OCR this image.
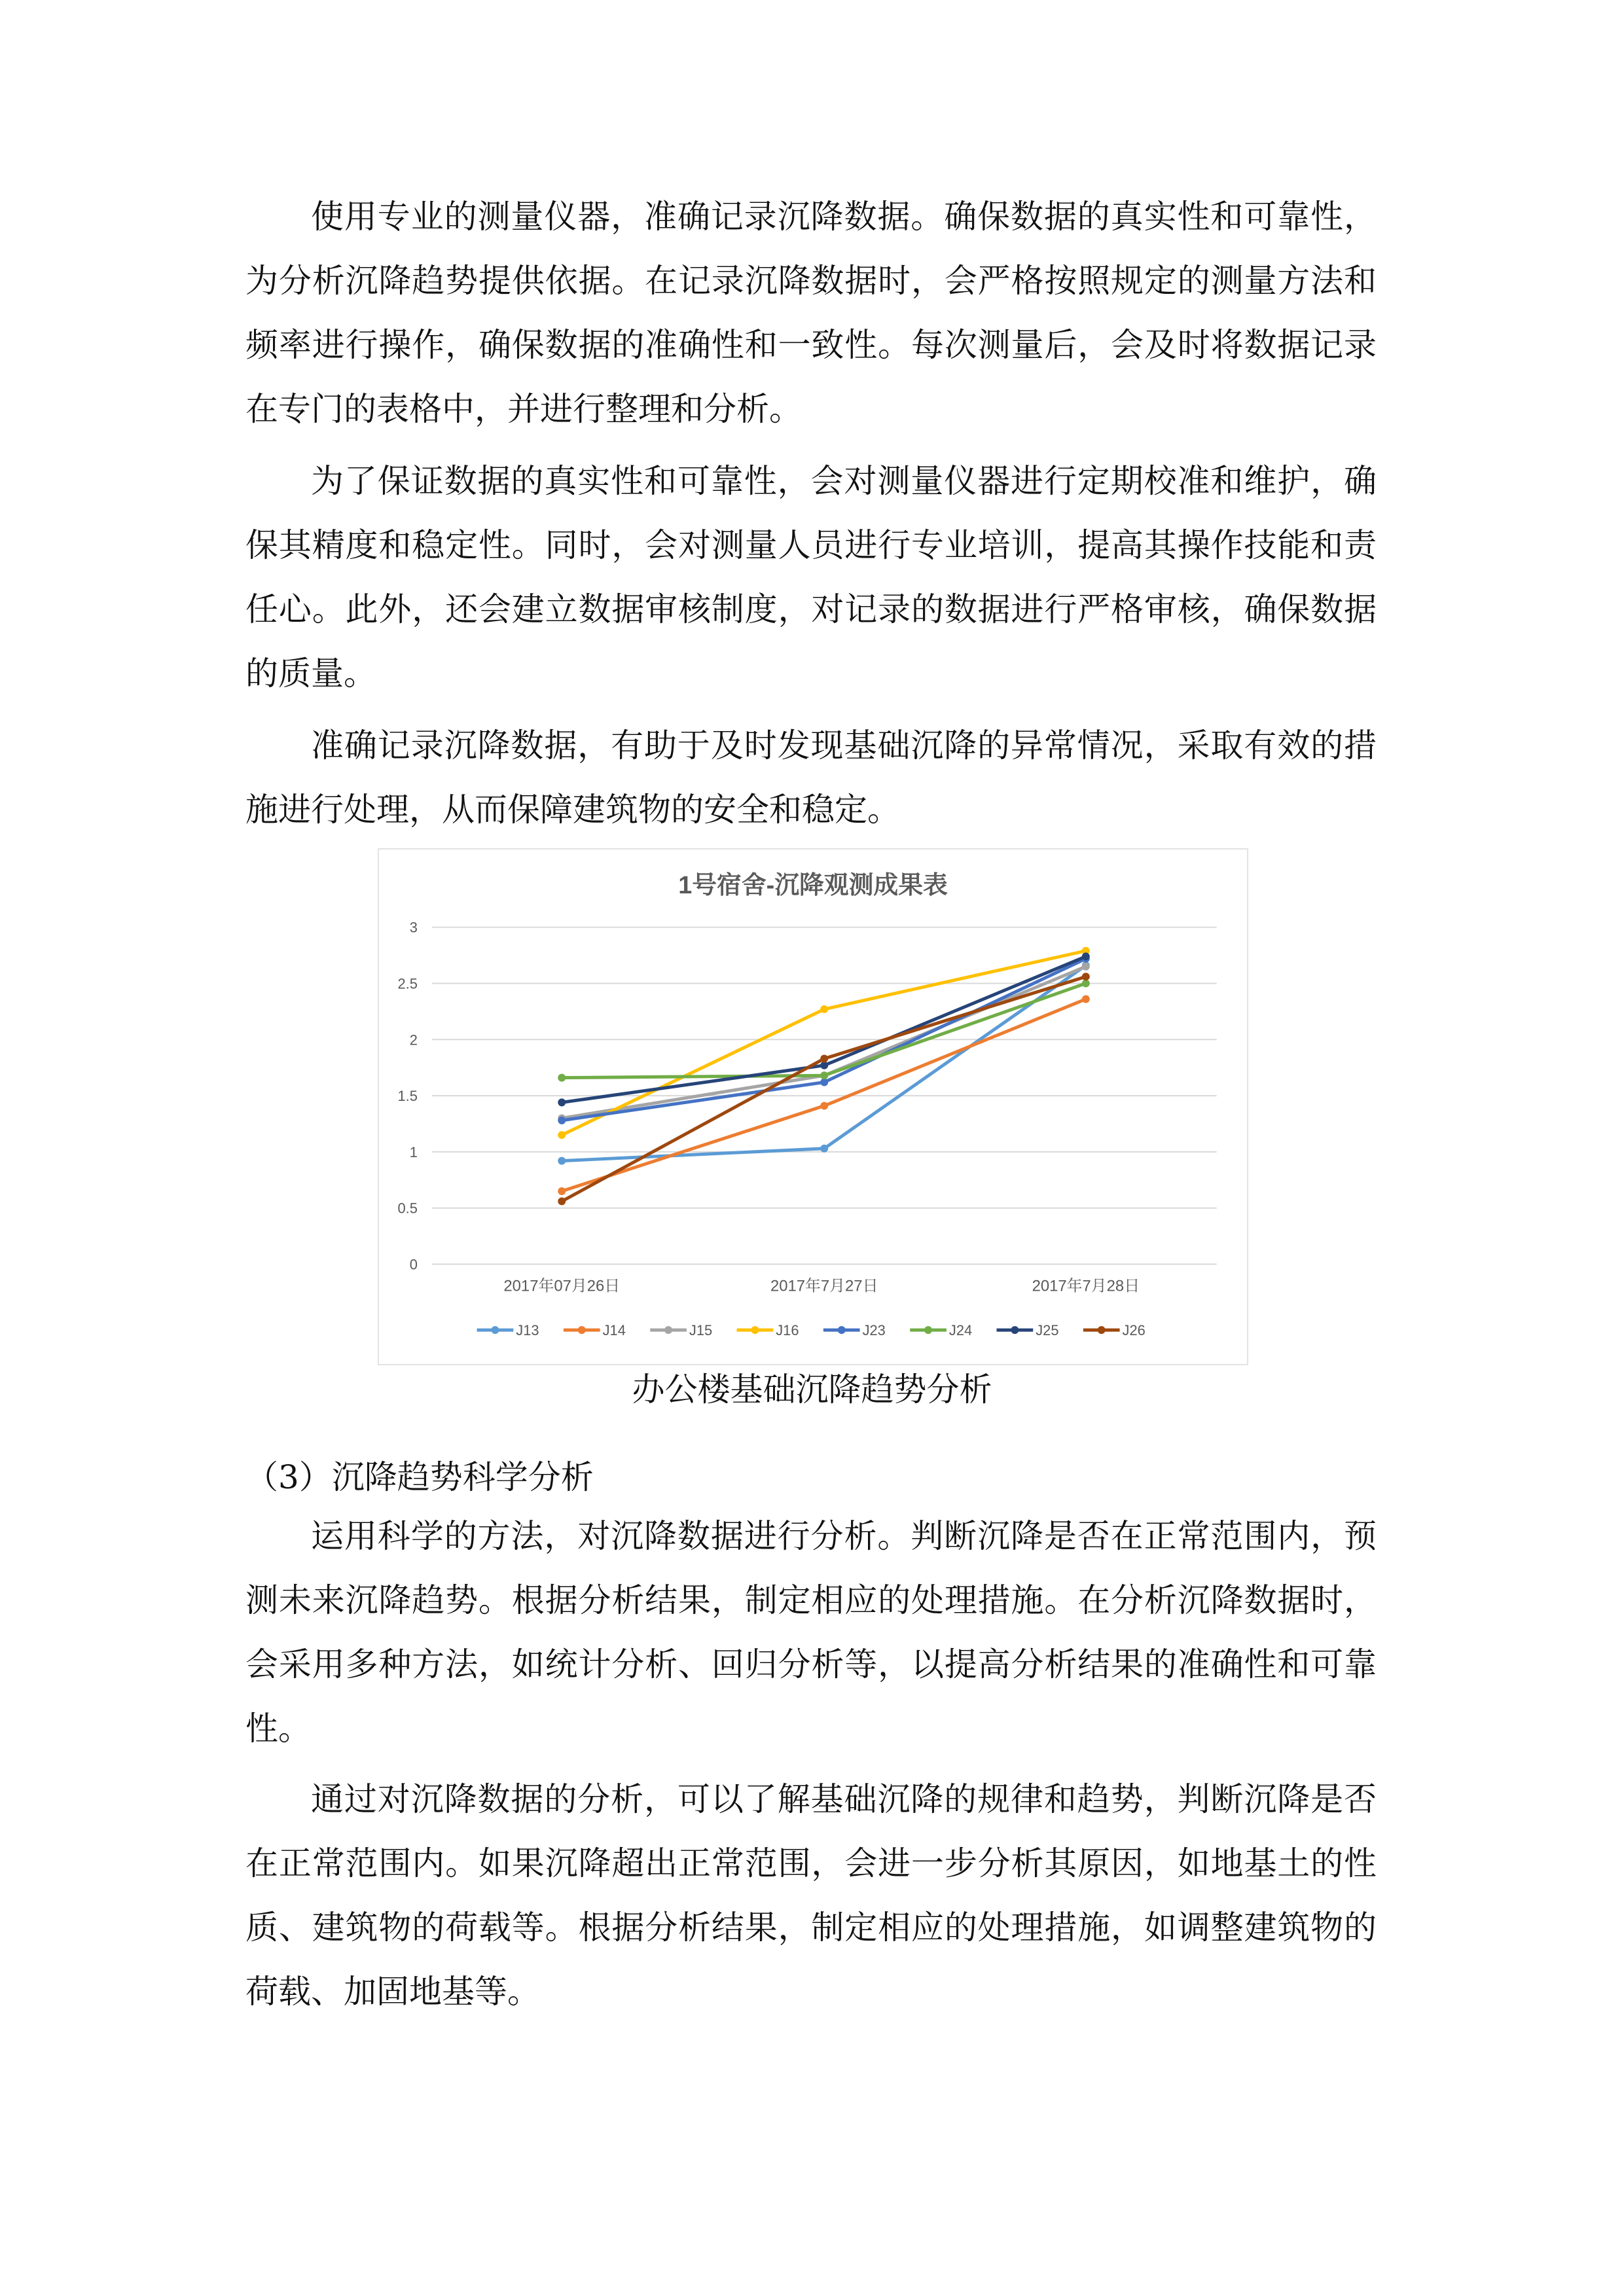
使用专业的测量仪器，准确记录沉降数据。确保数据的真实性和可靠性，为分析沉降趋势提供依据。在记录沉降数据时，会严格按照规定的测量方法和频率进行操作，确保数据的准确性和一致性。每次测量后，会及时将数据记录在专门的表格中，并进行整理和分析。

为了保证数据的真实性和可靠性，会对测量仪器进行定期校准和维护，确保其精度和稳定性。同时，会对测量人员进行专业培训，提高其操作技能和责任心。此外，还会建立数据审核制度，对记录的数据进行严格审核，确保数据的质量。

准确记录沉降数据，有助于及时发现基础沉降的异常情况，采取有效的措施进行处理，从而保障建筑物的安全和稳定。

1号宿舍-沉降观测成果表
0
0.5
1
1.5
2
2.5
3
2017年07月26日	2017年7月27日	2017年7月28日
J13	J14	J15	J16	J23	J24	J25	J26
办公楼基础沉降趋势分析

（3）沉降趋势科学分析

运用科学的方法，对沉降数据进行分析。判断沉降是否在正常范围内，预测未来沉降趋势。根据分析结果，制定相应的处理措施。在分析沉降数据时，会采用多种方法，如统计分析、回归分析等，以提高分析结果的准确性和可靠性。

通过对沉降数据的分析，可以了解基础沉降的规律和趋势，判断沉降是否在正常范围内。如果沉降超出正常范围，会进一步分析其原因，如地基土的性质、建筑物的荷载等。根据分析结果，制定相应的处理措施，如调整建筑物的荷载、加固地基等。
